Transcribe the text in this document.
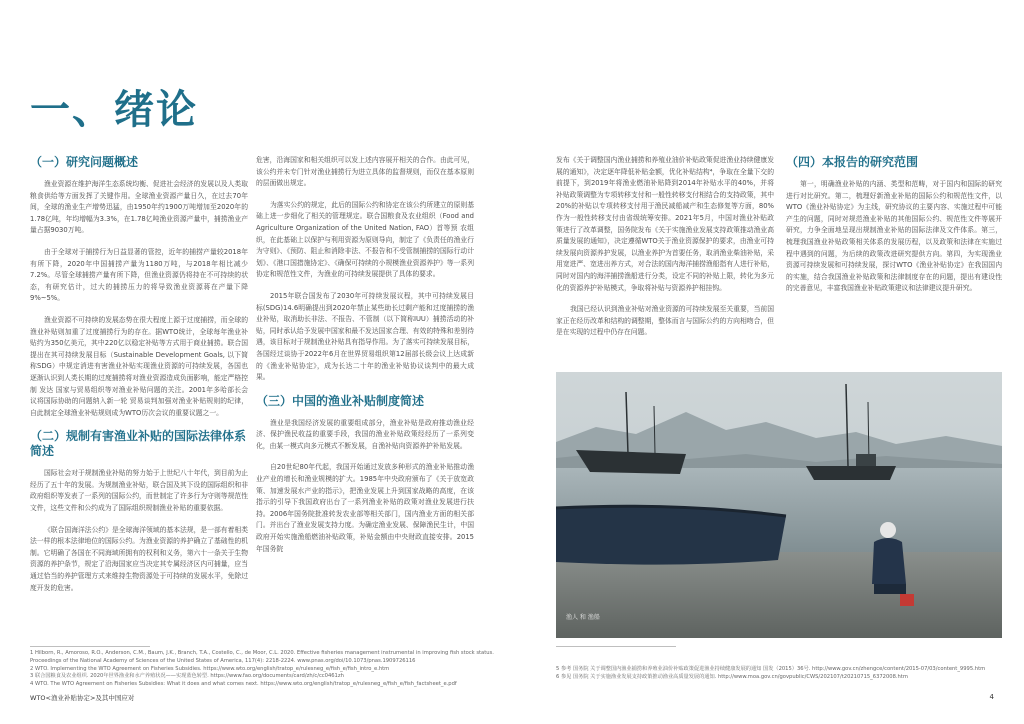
一、绪论
（一）研究问题概述

渔业资源在维护海洋生态系统均衡、促进社会经济的发展以及人类取粮食供给等方面发挥了关键作用。全球渔业资源产量日久，在过去70年间，全球的渔业生产增势迅猛，由1950年约1900万吨增加至2020年的1.78亿吨，年均增幅为3.3%，在1.78亿吨渔业资源产量中，捕捞渔业产量占据9030万吨。

由于全球对于捕捞行为日益显著的管控，近年的捕捞产量较2018年有所下降，2020年中国捕捞产量为1180万吨，与2018年相比减少7.2%。尽管全球捕捞产量有所下降，但渔业资源仍将持在不可持续的状态，有研究估计，过大的捕捞压力的将导致渔业资源蒋在产量下降9%~5%。

渔业资源不可持续的发展态势在很大程度上源于过度捕捞，而全球的渔业补贴则加重了过度捕捞行为的存在。据WTO统计，全球每年渔业补贴约为350亿美元，其中220亿以稳定补贴等方式用于商业捕捞。联合国提出在其可持续发展目标（Sustainable Development Goals, 以下简称SDG）中规定消进有害渔业补贴实现渔业资源的可持续发展，各国也逐渐认识到人类长期的过度捕捞将对渔业资源造成负面影响，能定严格控制 发达 国家与贸易组织等对渔业补贴问题的关注。2001年多哈部长会议将国际协助的问题纳入新一轮 贸易谈判加强对渔业补贴规则的纪律，自此制定全球渔业补贴规则成为WTO历次会议的重要议题之一。

（二）规制有害渔业补贴的国际法律体系简述

国际社会对于规制渔业补贴的努力始于上世纪八十年代，到目前为止经历了五十年的发展。为规制渔业补贴，联合国及其下设的国际组织和非政府组织等发表了一系列的国际公约，而世制定了许多行为守则等规范性文件，这些文件和公约成为了国际组织规制渔业补贴的重要依据。

《联合国海洋法公约》是全球海洋领域的基本法规，是一部有着相类法一样的根本法律地位的国际公约。为渔业资源的养护确立了基础性的机制。它明确了各国在不同海域所拥有的权利和义务，第六十一条关于生物资源的养护条节，规定了沿海国家应当决定其专属经济区内可捕量，应当通过恰当的养护管理方式来维持生物资源处于可持续的发展水平，免除过度开发的危害。

危害，沿海国家和相关组织可以发上述内容展开相关的合作。由此可见，该公约并未专门针对渔业捕捞行为进立具体的监督规则，而仅在基本原则的层面做出规定。

为落实公约的规定，此后的国际公约和协定在该公约所建立的原则基础上进一步细化了相关的管理规定。联合国粮食及农业组织（Food and Agriculture Organization of the United Nation, FAO）首等预 农组织，在此基础上以保护与利用资源为原则导向，制定了《负责任的渔业行为守则》、《预防、阻止和消除非法、不报告和不受管制捕捞的国际行动计划》、《港口国措施协定》、《确保可持续的小规模渔业资源养护》等一系列协定和规范性文件，为渔业的可持续发展提供了具体的要求。

2015年联合国发布了2030年可持续发展议程，其中可持续发展目标(SDG)14.6明确提出到2020年禁止某些助长过剩产能和过度捕捞的渔业补贴，取消助长非法、不报告、不管制（以下简称IUU）捕捞活动的补贴，同时承认给予发展中国家和最不发达国家合理、有效的特殊和差别待遇，该目标对于规制渔业补贴具有指导作用。为了落实可持续发展目标，各国经过谈协于2022年6月在世界贸易组织第12届部长级会议上达成新的《渔业补贴协定》，成为长达二十年的渔业补贴协议谈判中的最大成果。

（三）中国的渔业补贴制度简述

渔业是我国经济发展的重要组成部分，渔业补贴是政府推动渔业经济、保护渔民收益的重要手段，我国的渔业补贴政策经经历了一系列变化，由某一模式向多元模式不断发展，自渔补贴向资源养护补贴发展。

自20世纪80年代起，我国开始通过发放多种形式的渔业补贴推动渔业产业的增长和渔业规模的扩大。1985年中央政府颁布了《关于放宽政策、加速发展水产业的指示》，把渔业发展上升到国家战略的高度，在该指示的引导下我国政府出台了一系列渔业补贴的政策对渔业发展进行扶持。2006年国务院批准转发农业部等相关部门，国内渔业方面的相关部门。并出台了渔业发展支持力度。为确定渔业发展、保障渔民生计，中国政府开始实施渔船燃油补贴政策，补贴金额由中央财政直接安排。2015年国务院

发布《关于调整国内渔业捕捞和养殖业油价补贴政策促进渔业持续健康发展的通知》，决定逐年降低补贴金额，优化补贴结构⁴，争取在全量下交的前提下，到2019年将渔业燃油补贴降到2014年补贴水平的40%，并将补贴政策调整为专项转移支付和一般性转移支付相结合的支持政策，其中20%的补贴以专项转移支付用于渔民减船减产和生态修复等方面，80%作为一般性转移支付由省级统筹安排。2021年5月，中国对渔业补贴政策进行了改革调整，国务院发布《关于实施渔业发展支持政策推动渔业高质量发展的通知》，决定遵循WTO关于渔业资源保护的要求，由渔业可持续发展向资源养护发展，以渔业养护为首要任务，取消渔业柴油补贴，采用宽进严、宽进出养方式，对合法的国内海洋捕捞渔船指有人进行补贴，同时对国内的海洋捕捞渔船进行分类，设定不同的补贴上限，转化为多元化的资源养护补贴模式，争取将补贴与资源养护相挂钩。

我国已经认识到渔业补贴对渔业资源的可持续发展至关重要，当前国家正在经历改革和结构的调整期，整体而言与国际公约的方向相吻合，但是在实现的过程中仍存在问题。

（四）本报告的研究范围

第一，明确渔业补贴的内涵、类型和范畴，对于国内和国际的研究进行对比研究。第二，梳理好新渔业补贴的国际公约和规范性文件，以WTO《渔业补贴协定》为主线，研究协议的主要内容、实施过程中可能产生的问题，同时对规范渔业补贴的其他国际公约、规范性文件等展开研究，力争全面地呈现出规制渔业补贴的国际法律及文件体系。第三，梳理我国渔业补贴政策相关体系的发展历程，以及政策和法律在实施过程中遇到的问题，为后续的政策改进研究提供方向。第四，为实现渔业资源可持续发展和可持续发展，探讨WTO《渔业补贴协定》在我国国内的实施，结合我国渔业补贴政策和法律制度存在的问题，提出有建设性的完善意见，丰富我国渔业补贴政策建议和法律建议提升研究。

渔人 和 渔船
1 Hilborn, R., Amoroso, R.O., Anderson, C.M., Baum, J.K., Branch, T.A., Costello, C., de Moor, C.L. 2020. Effective fisheries management instrumental in improving fish stock status. Proceedings of the National Academy of Sciences of the United States of America, 117(4): 2218-2224. www.pnas.org/doi/10.1073/pnas.1909726116
2 WTO. Implementing the WTO Agreement on Fisheries Subsidies. https://www.wto.org/english/tratop_e/rulesneg_e/fish_e/fish_intro_e.htm
3 联合国粮食及农业组织. 2020年世界渔业和水产养殖状况——实现蓝色转型. https://www.fao.org/documents/card/zh/c/cc0461zh
4 WTO. The WTO Agreement on Fisheries Subsidies: What it does and what comes next. https://www.wto.org/english/tratop_e/rulesneg_e/fish_e/fish_factsheet_e.pdf
5 参考 国务院 关于调整国内渔业捕捞和养殖业油价补贴政策促进渔业持续健康发展的通知 国发（2015）36号. http://www.gov.cn/zhengce/content/2015-07/03/content_9995.htm
6 参见 国务院 关于实施渔业发展支持政策推动渔业高质量发展的通知. http://www.moa.gov.cn/govpublic/CWS/202107/t20210715_6372008.htm
WTO<渔业补贴协定>及其中国应对	4
